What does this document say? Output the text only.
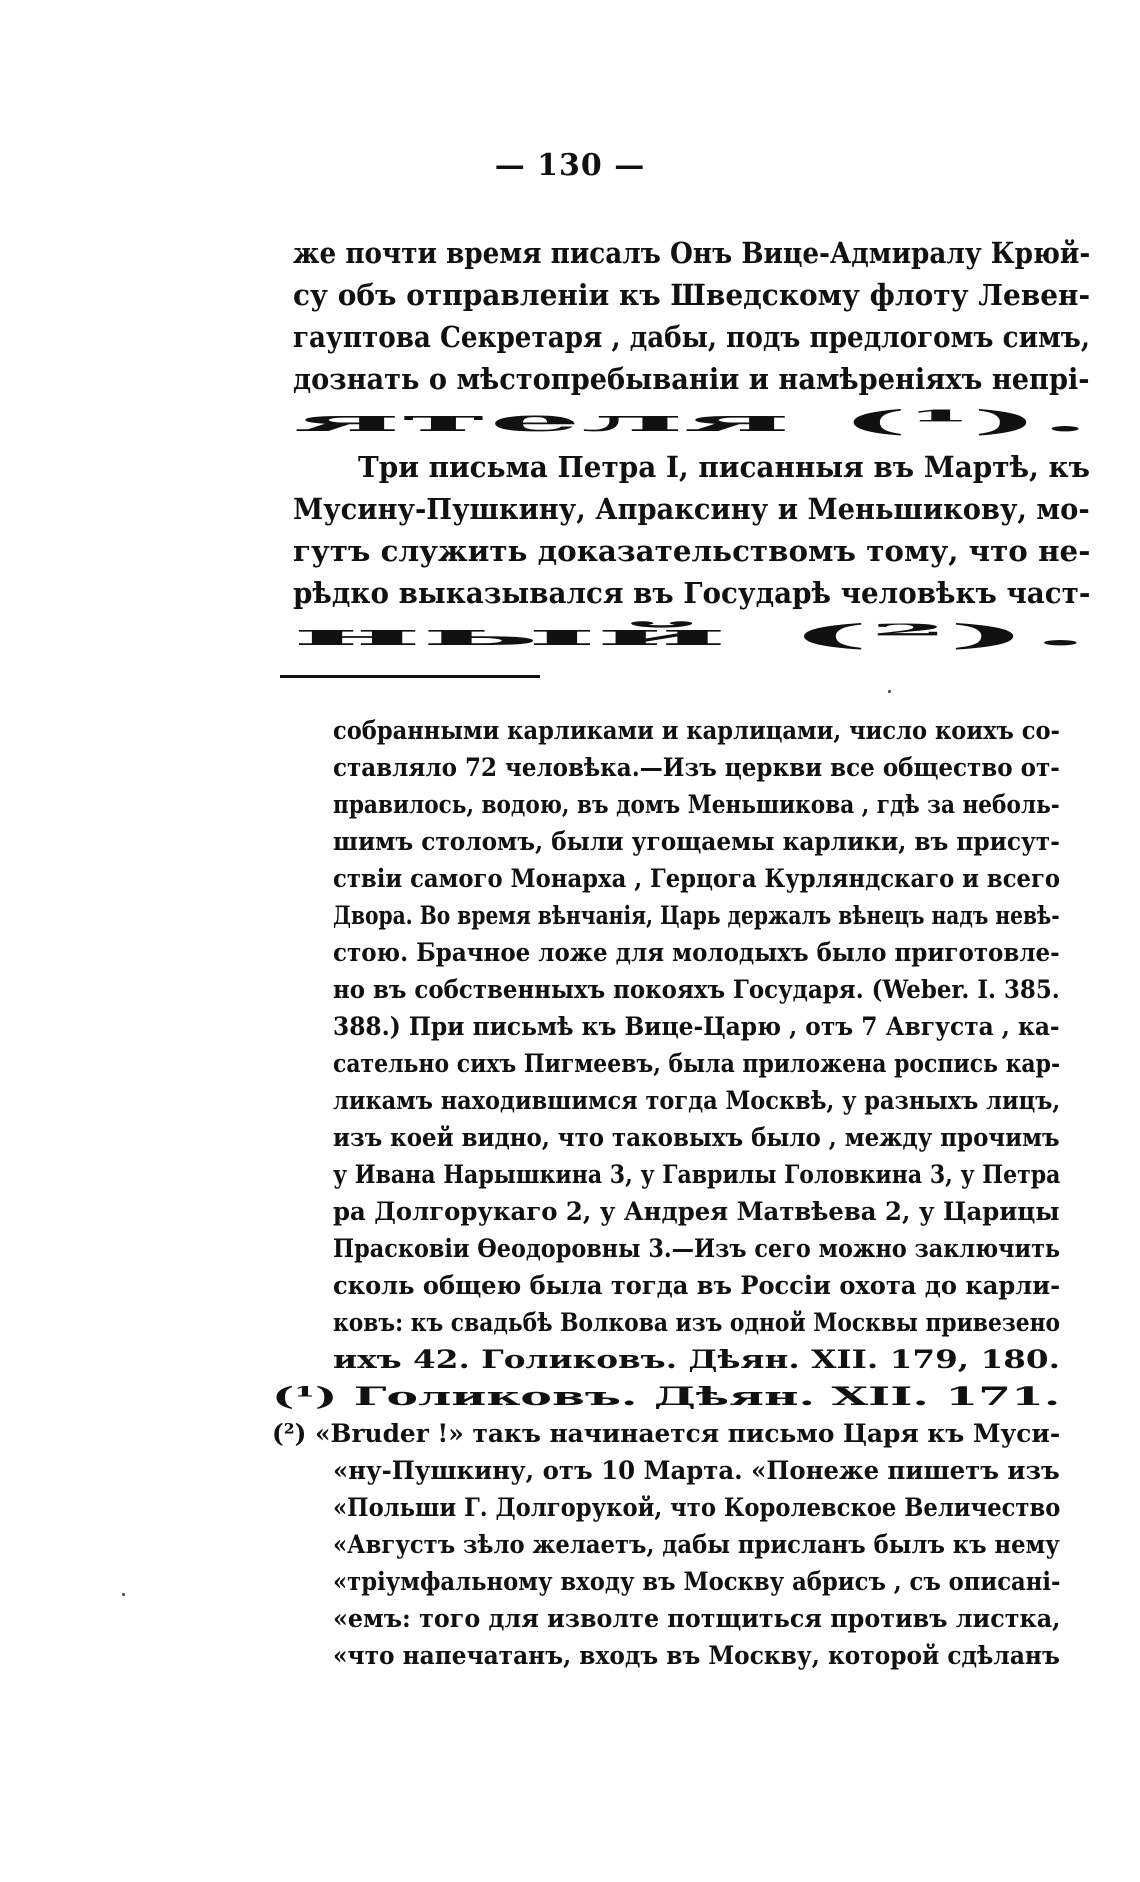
— 130 —
же почти время писалъ Онъ Вице-Адмиралу Крюй-
су объ отправленіи къ Шведскому флоту Левен-
гауптова Секретаря , дабы, подъ предлогомъ симъ,
дознать о мѣстопребываніи и намѣреніяхъ непрі-
ятеля (¹).
Три письма Петра I, писанныя въ Мартѣ, къ
Мусину-Пушкину, Апраксину и Меньшикову, мо-
гутъ служить доказательствомъ тому, что не-
рѣдко выказывался въ Государѣ человѣкъ част-
ный (²).
собранными карликами и карлицами, число коихъ со-
ставляло 72 человѣка.—Изъ церкви все общество от-
правилось, водою, въ домъ Меньшикова , гдѣ за неболь-
шимъ столомъ, были угощаемы карлики, въ присут-
ствіи самого Монарха , Герцога Курляндскаго и всего
Двора. Во время вѣнчанія, Царь держалъ вѣнецъ надъ невѣ-
стою. Брачное ложе для молодыхъ было приготовле-
но въ собственныхъ покояхъ Государя. (Weber. I. 385.
388.) При письмѣ къ Вице-Царю , отъ 7 Августа , ка-
сательно сихъ Пигмеевъ, была приложена роспись кар-
ликамъ находившимся тогда Москвѣ, у разныхъ лицъ,
изъ коей видно, что таковыхъ было , между прочимъ
у Ивана Нарышкина 3, у Гаврилы Головкина 3, у Петра
ра Долгорукаго 2, у Андрея Матвѣева 2, у Царицы
Прасковіи Ѳеодоровны 3.—Изъ сего можно заключить
сколь общею была тогда въ Россіи охота до карли-
ковъ: къ свадьбѣ Волкова изъ одной Москвы привезено
ихъ 42. Голиковъ. Дѣян. XII. 179, 180.
(¹) Голиковъ. Дѣян. XII. 171.
(²) «Bruder !» такъ начинается письмо Царя къ Муси-
«ну-Пушкину, отъ 10 Марта. «Понеже пишетъ изъ
«Польши Г. Долгорукой, что Королевское Величество
«Августъ зѣло желаетъ, дабы присланъ былъ къ нему
«тріумфальному входу въ Москву абрисъ , съ описані-
«емъ: того для изволте потщиться противъ листка,
«что напечатанъ, входъ въ Москву, которой сдѣланъ
